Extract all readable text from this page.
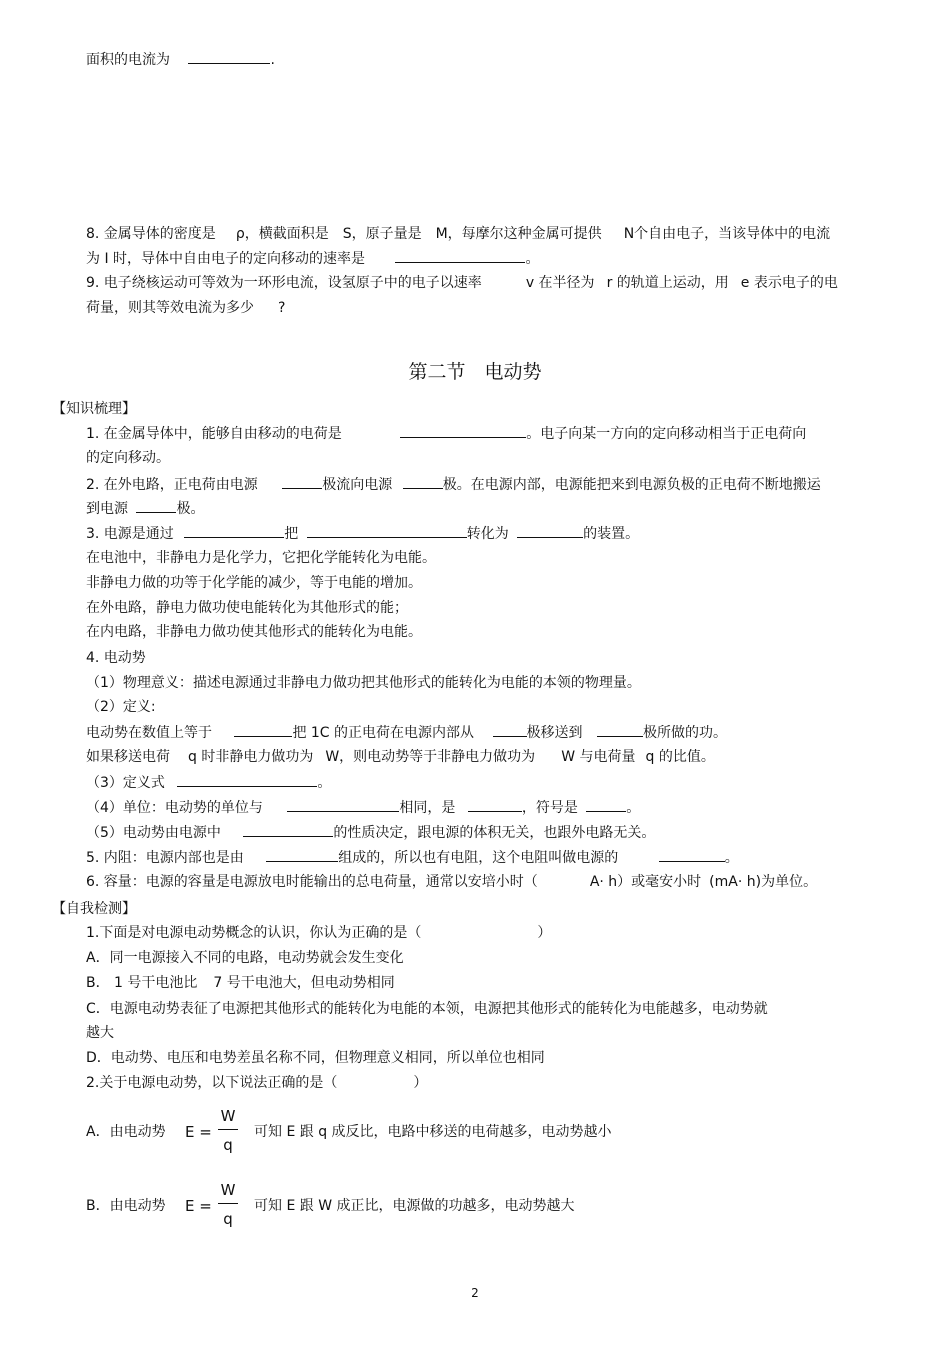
面积的电流为	.
8. 金属导体的密度是 ρ，横截面积是 S，原子量是 M，每摩尔这种金属可提供 N个自由电子，当该导体中的电流
为 I 时，导体中自由电子的定向移动的速率是	。
9. 电子绕核运动可等效为一环形电流，设氢原子中的电子以速率	v 在半径为 r 的轨道上运动，用 e 表示电子的电
荷量，则其等效电流为多少 ?
第二节　电动势
【知识梳理】
1. 在金属导体中，能够自由移动的电荷是	。电子向某一方向的定向移动相当于正电荷向
的定向移动。
2. 在外电路，正电荷由电源	极流向电源	极。在电源内部，电源能把来到电源负极的正电荷不断地搬运
到电源	极。
3. 电源是通过	把	转化为	的装置。
在电池中，非静电力是化学力，它把化学能转化为电能。
非静电力做的功等于化学能的减少，等于电能的增加。
在外电路，静电力做功使电能转化为其他形式的能；
在内电路，非静电力做功使其他形式的能转化为电能。
4. 电动势
（1）物理意义：描述电源通过非静电力做功把其他形式的能转化为电能的本领的物理量。
（2）定义:
电动势在数值上等于	把 1C 的正电荷在电源内部从	极移送到	极所做的功。
如果移送电荷 q 时非静电力做功为 W，则电动势等于非静电力做功为 W 与电荷量 q 的比值。
（3）定义式	。
（4）单位：电动势的单位与	相同，是	，符号是	。
（5）电动势由电源中	的性质决定，跟电源的体积无关，也跟外电路无关。
5. 内阻：电源内部也是由	组成的，所以也有电阻，这个电阻叫做电源的	。
6. 容量：电源的容量是电源放电时能输出的总电荷量，通常以安培小时（	A· h）或毫安小时 (mA· h)为单位。
【自我检测】
1.下面是对电源电动势概念的认识，你认为正确的是（	）
A．同一电源接入不同的电路，电动势就会发生变化
B． 1 号干电池比 7 号干电池大，但电动势相同
C．电源电动势表征了电源把其他形式的能转化为电能的本领，电源把其他形式的能转化为电能越多，电动势就
越大
D．电动势、电压和电势差虽名称不同，但物理意义相同，所以单位也相同
2.关于电源电动势，以下说法正确的是（	）
A．由电动势 E =
W
q
可知 E 跟 q 成反比，电路中移送的电荷越多，电动势越小
B．由电动势 E =
W
q
可知 E 跟 W 成正比，电源做的功越多，电动势越大
2
